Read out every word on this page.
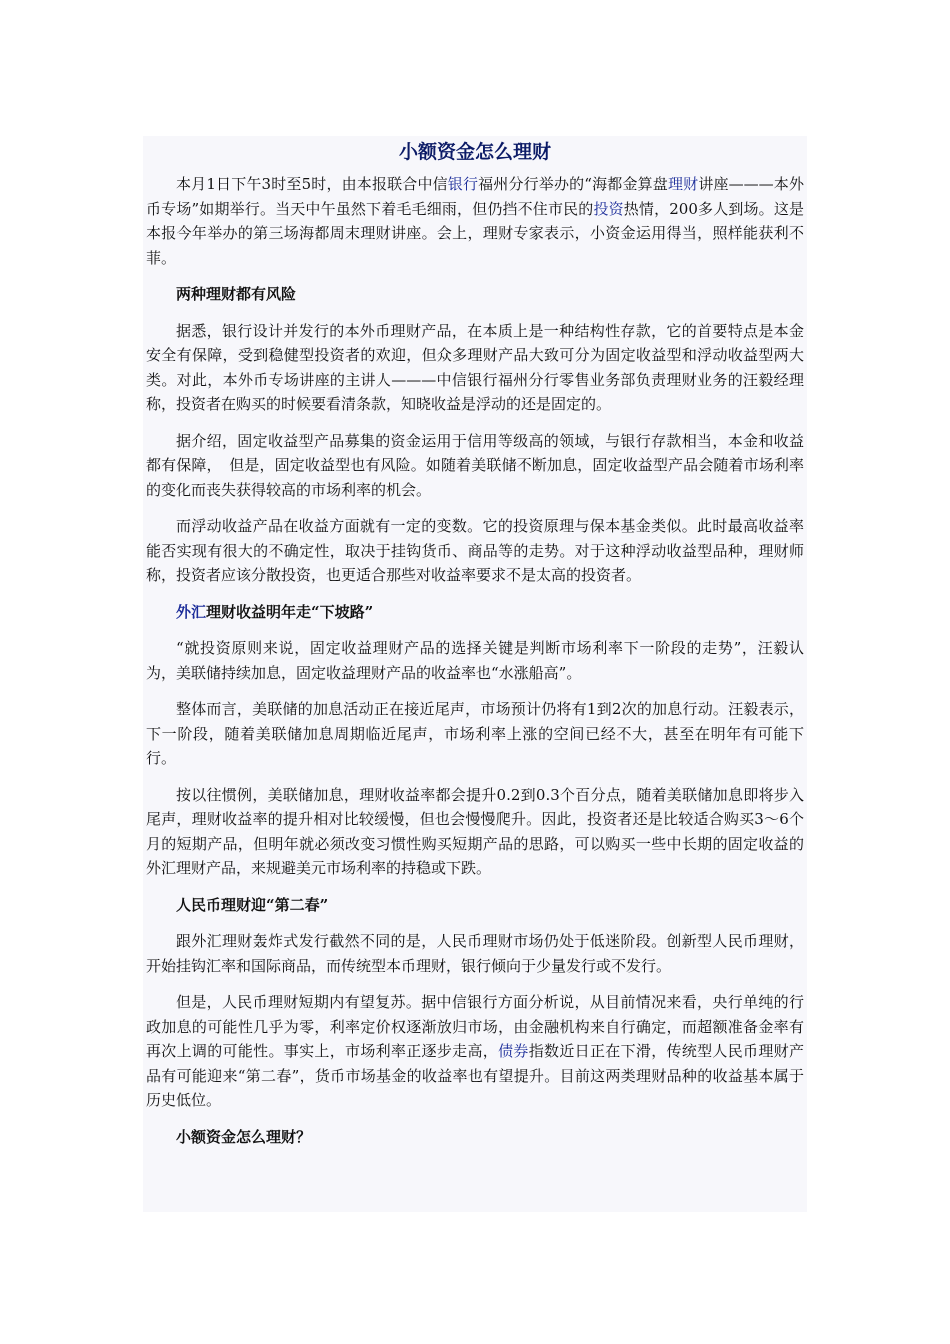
小额资金怎么理财

本月1日下午3时至5时，由本报联合中信银行福州分行举办的“海都金算盘理财讲座———本外币专场”如期举行。当天中午虽然下着毛毛细雨，但仍挡不住市民的投资热情，200多人到场。这是本报今年举办的第三场海都周末理财讲座。会上，理财专家表示，小资金运用得当，照样能获利不菲。

两种理财都有风险

据悉，银行设计并发行的本外币理财产品，在本质上是一种结构性存款，它的首要特点是本金安全有保障，受到稳健型投资者的欢迎，但众多理财产品大致可分为固定收益型和浮动收益型两大类。对此，本外币专场讲座的主讲人———中信银行福州分行零售业务部负责理财业务的汪毅经理称，投资者在购买的时候要看清条款，知晓收益是浮动的还是固定的。

据介绍，固定收益型产品募集的资金运用于信用等级高的领域，与银行存款相当，本金和收益都有保障，　但是，固定收益型也有风险。如随着美联储不断加息，固定收益型产品会随着市场利率的变化而丧失获得较高的市场利率的机会。

而浮动收益产品在收益方面就有一定的变数。它的投资原理与保本基金类似。此时最高收益率能否实现有很大的不确定性，取决于挂钩货币、商品等的走势。对于这种浮动收益型品种，理财师称，投资者应该分散投资，也更适合那些对收益率要求不是太高的投资者。

外汇理财收益明年走“下坡路”

“就投资原则来说，固定收益理财产品的选择关键是判断市场利率下一阶段的走势”，汪毅认为，美联储持续加息，固定收益理财产品的收益率也“水涨船高”。

整体而言，美联储的加息活动正在接近尾声，市场预计仍将有1到2次的加息行动。汪毅表示，下一阶段，随着美联储加息周期临近尾声，市场利率上涨的空间已经不大，甚至在明年有可能下行。

按以往惯例，美联储加息，理财收益率都会提升0.2到0.3个百分点，随着美联储加息即将步入尾声，理财收益率的提升相对比较缓慢，但也会慢慢爬升。因此，投资者还是比较适合购买3～6个月的短期产品，但明年就必须改变习惯性购买短期产品的思路，可以购买一些中长期的固定收益的外汇理财产品，来规避美元市场利率的持稳或下跌。

人民币理财迎“第二春”

跟外汇理财轰炸式发行截然不同的是，人民币理财市场仍处于低迷阶段。创新型人民币理财，开始挂钩汇率和国际商品，而传统型本币理财，银行倾向于少量发行或不发行。

但是，人民币理财短期内有望复苏。据中信银行方面分析说，从目前情况来看，央行单纯的行政加息的可能性几乎为零，利率定价权逐渐放归市场，由金融机构来自行确定，而超额准备金率有再次上调的可能性。事实上，市场利率正逐步走高，债券指数近日正在下滑，传统型人民币理财产品有可能迎来“第二春”，货币市场基金的收益率也有望提升。目前这两类理财品种的收益基本属于历史低位。

小额资金怎么理财？
